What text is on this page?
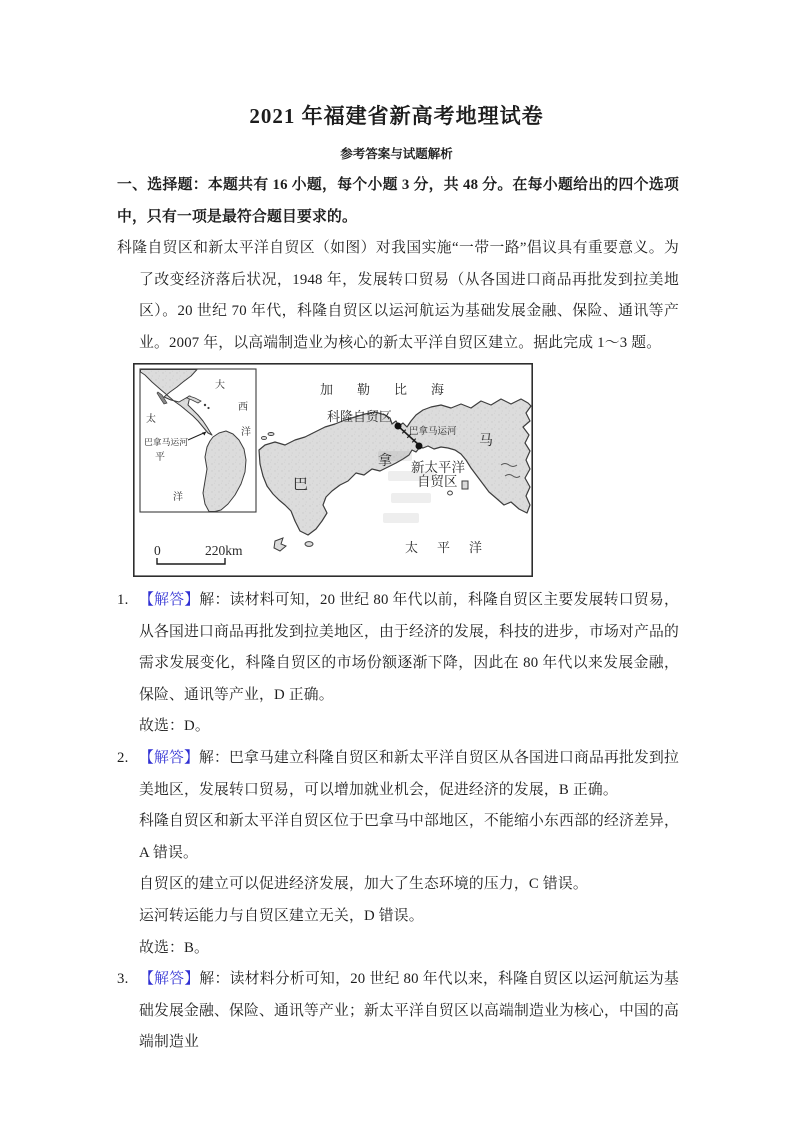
2021 年福建省新高考地理试卷
参考答案与试题解析
一、选择题：本题共有 16 小题，每个小题 3 分，共 48 分。在每小题给出的四个选项中，只有一项是最符合题目要求的。
科隆自贸区和新太平洋自贸区（如图）对我国实施“一带一路”倡议具有重要意义。为了改变经济落后状况，1948 年，发展转口贸易（从各国进口商品再批发到拉美地区）。20 世纪 70 年代，科隆自贸区以运河航运为基础发展金融、保险、通讯等产业。2007 年，以高端制造业为核心的新太平洋自贸区建立。据此完成 1～3 题。
加勒比海
科隆自贸区
巴拿马运河
巴
拿
马
新太平洋
自贸区
太平洋
0	220km
太
大
西
洋
巴拿马运河
平
洋

1. 【解答】解：读材料可知，20 世纪 80 年代以前，科隆自贸区主要发展转口贸易，从各国进口商品再批发到拉美地区，由于经济的发展，科技的进步，市场对产品的需求发展变化，科隆自贸区的市场份额逐渐下降，因此在 80 年代以来发展金融，保险、通讯等产业，D 正确。

故选：D。

2. 【解答】解：巴拿马建立科隆自贸区和新太平洋自贸区从各国进口商品再批发到拉美地区，发展转口贸易，可以增加就业机会，促进经济的发展，B 正确。

科隆自贸区和新太平洋自贸区位于巴拿马中部地区，不能缩小东西部的经济差异，A 错误。

自贸区的建立可以促进经济发展，加大了生态环境的压力，C 错误。

运河转运能力与自贸区建立无关，D 错误。

故选：B。

3. 【解答】解：读材料分析可知，20 世纪 80 年代以来，科隆自贸区以运河航运为基础发展金融、保险、通讯等产业；新太平洋自贸区以高端制造业为核心，中国的高端制造业
